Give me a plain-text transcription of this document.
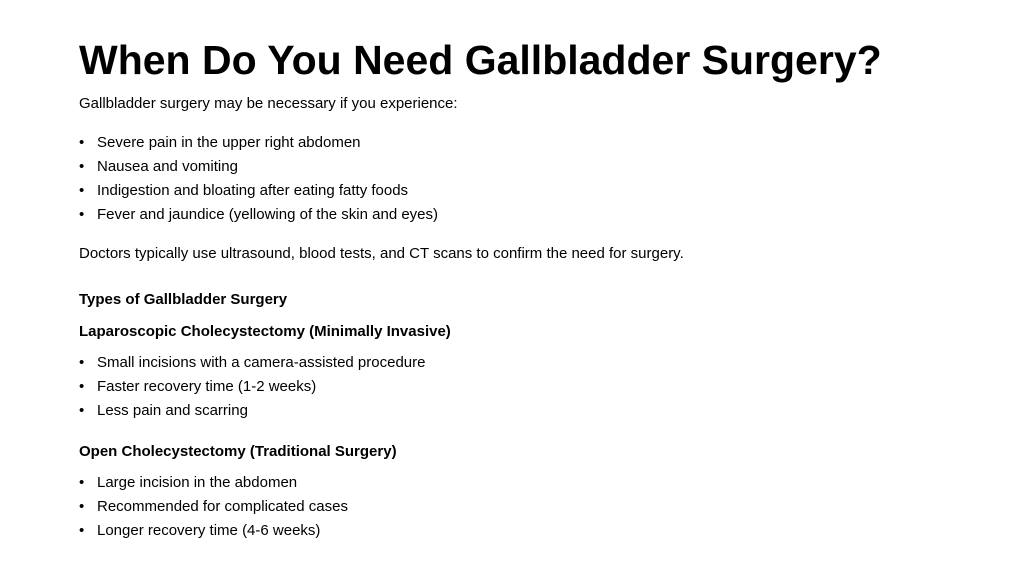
When Do You Need Gallbladder Surgery?

Gallbladder surgery may be necessary if you experience:

• Severe pain in the upper right abdomen
• Nausea and vomiting
• Indigestion and bloating after eating fatty foods
• Fever and jaundice (yellowing of the skin and eyes)

Doctors typically use ultrasound, blood tests, and CT scans to confirm the need for surgery.

Types of Gallbladder Surgery

Laparoscopic Cholecystectomy (Minimally Invasive)

• Small incisions with a camera-assisted procedure
• Faster recovery time (1-2 weeks)
• Less pain and scarring

Open Cholecystectomy (Traditional Surgery)

• Large incision in the abdomen
• Recommended for complicated cases
• Longer recovery time (4-6 weeks)
